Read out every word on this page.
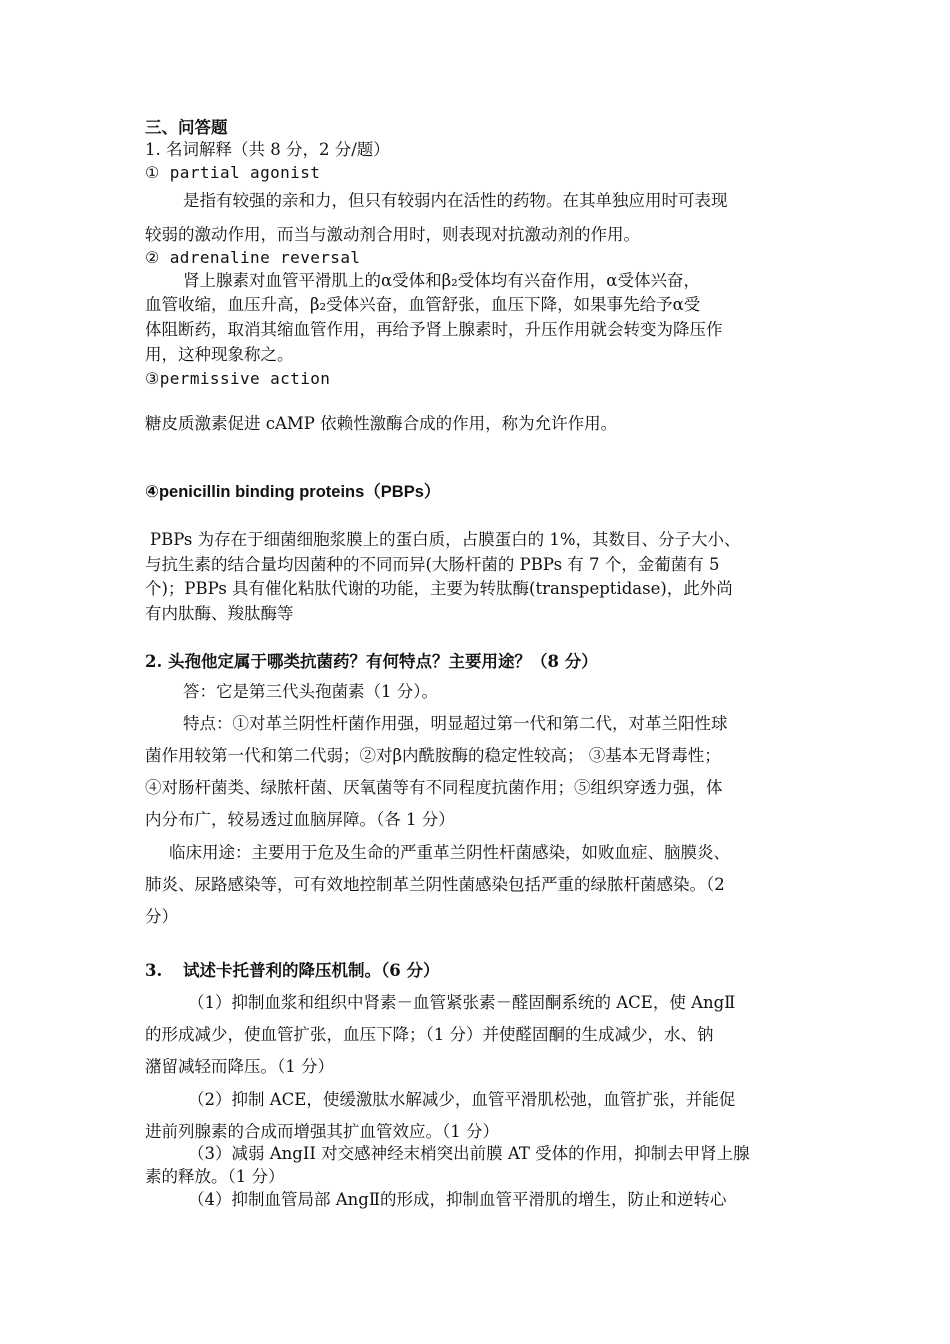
三、问答题
1. 名词解释（共 8 分，2 分/题）
① partial agonist
是指有较强的亲和力，但只有较弱内在活性的药物。在其单独应用时可表现
较弱的激动作用，而当与激动剂合用时，则表现对抗激动剂的作用。
② adrenaline reversal
肾上腺素对血管平滑肌上的α受体和β₂受体均有兴奋作用，α受体兴奋，
血管收缩，血压升高，β₂受体兴奋，血管舒张，血压下降，如果事先给予α受
体阻断药，取消其缩血管作用，再给予肾上腺素时，升压作用就会转变为降压作
用，这种现象称之。
③permissive action
糖皮质激素促进 cAMP 依赖性激酶合成的作用，称为允许作用。
④penicillin binding proteins（PBPs）
PBPs 为存在于细菌细胞浆膜上的蛋白质，占膜蛋白的 1%，其数目、分子大小、
与抗生素的结合量均因菌种的不同而异(大肠杆菌的 PBPs 有 7 个，金葡菌有 5
个)；PBPs 具有催化粘肽代谢的功能，主要为转肽酶(transpeptidase)，此外尚
有内肽酶、羧肽酶等
2. 头孢他定属于哪类抗菌药？有何特点？主要用途？（8 分）
答：它是第三代头孢菌素（1 分）。
特点：①对革兰阴性杆菌作用强，明显超过第一代和第二代，对革兰阳性球
菌作用较第一代和第二代弱；②对β内酰胺酶的稳定性较高； ③基本无肾毒性；
④对肠杆菌类、绿脓杆菌、厌氧菌等有不同程度抗菌作用；⑤组织穿透力强，体
内分布广，较易透过血脑屏障。（各 1 分）
临床用途：主要用于危及生命的严重革兰阴性杆菌感染，如败血症、脑膜炎、
肺炎、尿路感染等，可有效地控制革兰阴性菌感染包括严重的绿脓杆菌感染。（2
分）
3. 试述卡托普利的降压机制。（6 分）
（1）抑制血浆和组织中肾素－血管紧张素－醛固酮系统的 ACE，使 AngⅡ
的形成减少，使血管扩张，血压下降；（1 分）并使醛固酮的生成减少，水、钠
潴留减轻而降压。（1 分）
（2）抑制 ACE，使缓激肽水解减少，血管平滑肌松弛，血管扩张，并能促
进前列腺素的合成而增强其扩血管效应。（1 分）
（3）减弱 AngII 对交感神经末梢突出前膜 AT 受体的作用，抑制去甲肾上腺
素的释放。（1 分）
（4）抑制血管局部 AngⅡ的形成，抑制血管平滑肌的增生，防止和逆转心
